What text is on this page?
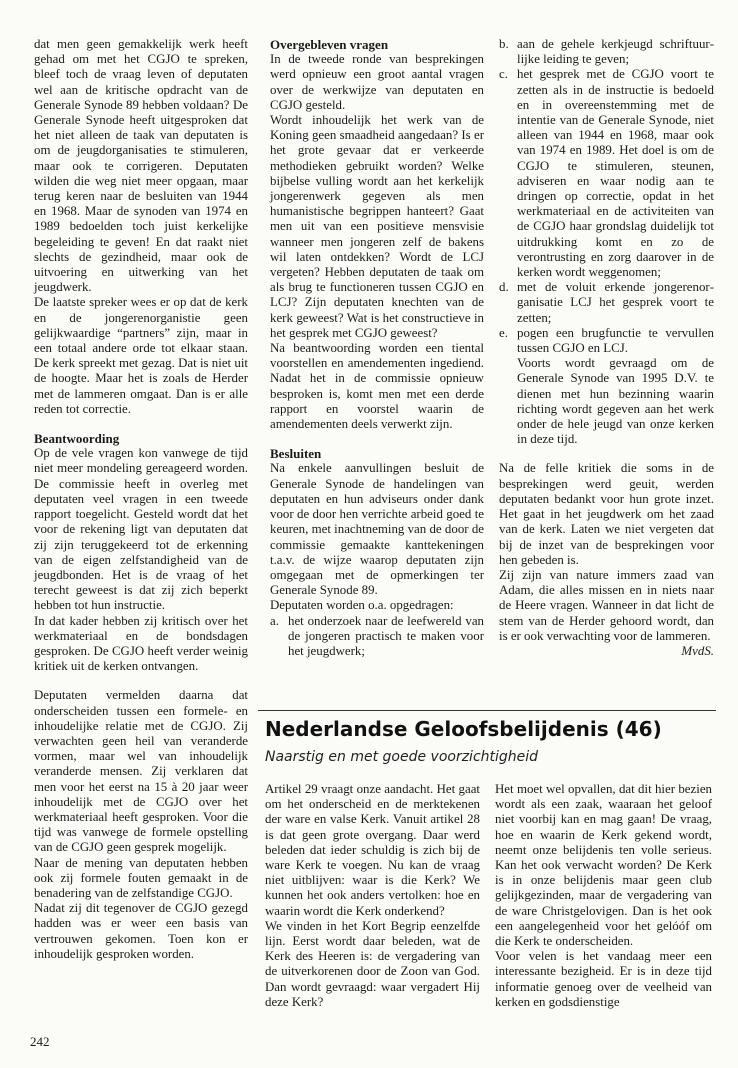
dat men geen gemakkelijk werk heeft gehad om met het CGJO te spreken, bleef toch de vraag leven of deputaten wel aan de kritische opdracht van de Generale Synode 89 hebben voldaan? De Generale Synode heeft uitgesproken dat het niet alleen de taak van deputaten is om de jeugdorganisaties te stimuleren, maar ook te corrigeren. Deputaten wilden die weg niet meer opgaan, maar terug keren naar de besluiten van 1944 en 1968. Maar de synoden van 1974 en 1989 bedoelden toch juist kerkelijke begeleiding te geven! En dat raakt niet slechts de gezindheid, maar ook de uitvoering en uitwerking van het jeugdwerk.

De laatste spreker wees er op dat de kerk en de jongerenorganistie geen gelijkwaardige “partners” zijn, maar in een totaal andere orde tot elkaar staan. De kerk spreekt met gezag. Dat is niet uit de hoogte. Maar het is zoals de Herder met de lammeren omgaat. Dan is er alle reden tot correctie.

Beantwoording

Op de vele vragen kon vanwege de tijd niet meer mondeling gereageerd worden. De commissie heeft in overleg met deputaten veel vragen in een tweede rapport toegelicht. Gesteld wordt dat het voor de rekening ligt van deputaten dat zij zijn teruggekeerd tot de erkenning van de eigen zelfstandigheid van de jeugdbonden. Het is de vraag of het terecht geweest is dat zij zich beperkt hebben tot hun instructie.

In dat kader hebben zij kritisch over het werkmateriaal en de bondsdagen gesproken. De CGJO heeft verder weinig kritiek uit de kerken ontvangen.

Deputaten vermelden daarna dat onderscheiden tussen een formele- en inhoudelijke relatie met de CGJO. Zij verwachten geen heil van veranderde vormen, maar wel van inhoudelijk veranderde mensen. Zij verklaren dat men voor het eerst na 15 à 20 jaar weer inhoudelijk met de CGJO over het werkmateriaal heeft gesproken. Voor die tijd was vanwege de formele opstelling van de CGJO geen gesprek mogelijk.

Naar de mening van deputaten hebben ook zij formele fouten gemaakt in de benadering van de zelfstandige CGJO.

Nadat zij dit tegenover de CGJO gezegd hadden was er weer een basis van vertrouwen gekomen. Toen kon er inhoudelijk gesproken worden.

Overgebleven vragen

In de tweede ronde van besprekingen werd opnieuw een groot aantal vragen over de werkwijze van deputaten en CGJO gesteld.

Wordt inhoudelijk het werk van de Koning geen smaadheid aangedaan? Is er het grote gevaar dat er verkeerde methodieken gebruikt worden? Welke bijbelse vulling wordt aan het kerkelijk jongerenwerk gegeven als men humanistische begrippen hanteert? Gaat men uit van een positieve mensvisie wanneer men jongeren zelf de bakens wil laten ontdekken? Wordt de LCJ vergeten? Hebben deputaten de taak om als brug te functioneren tussen CGJO en LCJ? Zijn deputaten knechten van de kerk geweest? Wat is het constructieve in het gesprek met CGJO geweest?

Na beantwoording worden een tiental voorstellen en amendementen ingediend. Nadat het in de commissie opnieuw besproken is, komt men met een derde rapport en voorstel waarin de amendementen deels verwerkt zijn.

Besluiten

Na enkele aanvullingen besluit de Generale Synode de handelingen van deputaten en hun adviseurs onder dank voor de door hen verrichte arbeid goed te keuren, met inachtneming van de door de commissie gemaakte kanttekeningen t.a.v. de wijze waarop deputaten zijn omgegaan met de opmerkingen ter Generale Synode 89.

Deputaten worden o.a. opgedragen:

a. het onderzoek naar de leefwereld van de jongeren practisch te maken voor het jeugdwerk;
b. aan de gehele kerkjeugd schriftuurlijke leiding te geven;
c. het gesprek met de CGJO voort te zetten als in de instructie is bedoeld en in overeenstemming met de intentie van de Generale Synode, niet alleen van 1944 en 1968, maar ook van 1974 en 1989. Het doel is om de CGJO te stimuleren, steunen, adviseren en waar nodig aan te dringen op correctie, opdat in het werkmateriaal en de activiteiten van de CGJO haar grondslag duidelijk tot uitdrukking komt en zo de verontrusting en zorg daarover in de kerken wordt weggenomen;
d. met de voluit erkende jongerenorganisatie LCJ het gesprek voort te zetten;
e. pogen een brugfunctie te vervullen tussen CGJO en LCJ.
Voorts wordt gevraagd om de Generale Synode van 1995 D.V. te dienen met hun bezinning waarin richting wordt gegeven aan het werk onder de hele jeugd van onze kerken in deze tijd.

Na de felle kritiek die soms in de besprekingen werd geuit, werden deputaten bedankt voor hun grote inzet. Het gaat in het jeugdwerk om het zaad van de kerk. Laten we niet vergeten dat bij de inzet van de besprekingen voor hen gebeden is.

Zij zijn van nature immers zaad van Adam, die alles missen en in niets naar de Heere vragen. Wanneer in dat licht de stem van de Herder gehoord wordt, dan is er ook verwachting voor de lammeren.

MvdS.

Nederlandse Geloofsbelijdenis (46)
Naarstig en met goede voorzichtigheid

Artikel 29 vraagt onze aandacht. Het gaat om het onderscheid en de merktekenen der ware en valse Kerk. Vanuit artikel 28 is dat geen grote overgang. Daar werd beleden dat ieder schuldig is zich bij de ware Kerk te voegen. Nu kan de vraag niet uitblijven: waar is die Kerk? We kunnen het ook anders vertolken: hoe en waarin wordt die Kerk onderkend?

We vinden in het Kort Begrip eenzelfde lijn. Eerst wordt daar beleden, wat de Kerk des Heeren is: de vergadering van de uitverkorenen door de Zoon van God. Dan wordt gevraagd: waar vergadert Hij deze Kerk?

Het moet wel opvallen, dat dit hier bezien wordt als een zaak, waaraan het geloof niet voorbij kan en mag gaan! De vraag, hoe en waarin de Kerk gekend wordt, neemt onze belijdenis ten volle serieus. Kan het ook verwacht worden? De Kerk is in onze belijdenis maar geen club gelijkgezinden, maar de vergadering van de ware Christgelovigen. Dan is het ook een aangelegenheid voor het gelóóf om die Kerk te onderscheiden.

Voor velen is het vandaag meer een interessante bezigheid. Er is in deze tijd informatie genoeg over de veelheid van kerken en godsdienstige

242
